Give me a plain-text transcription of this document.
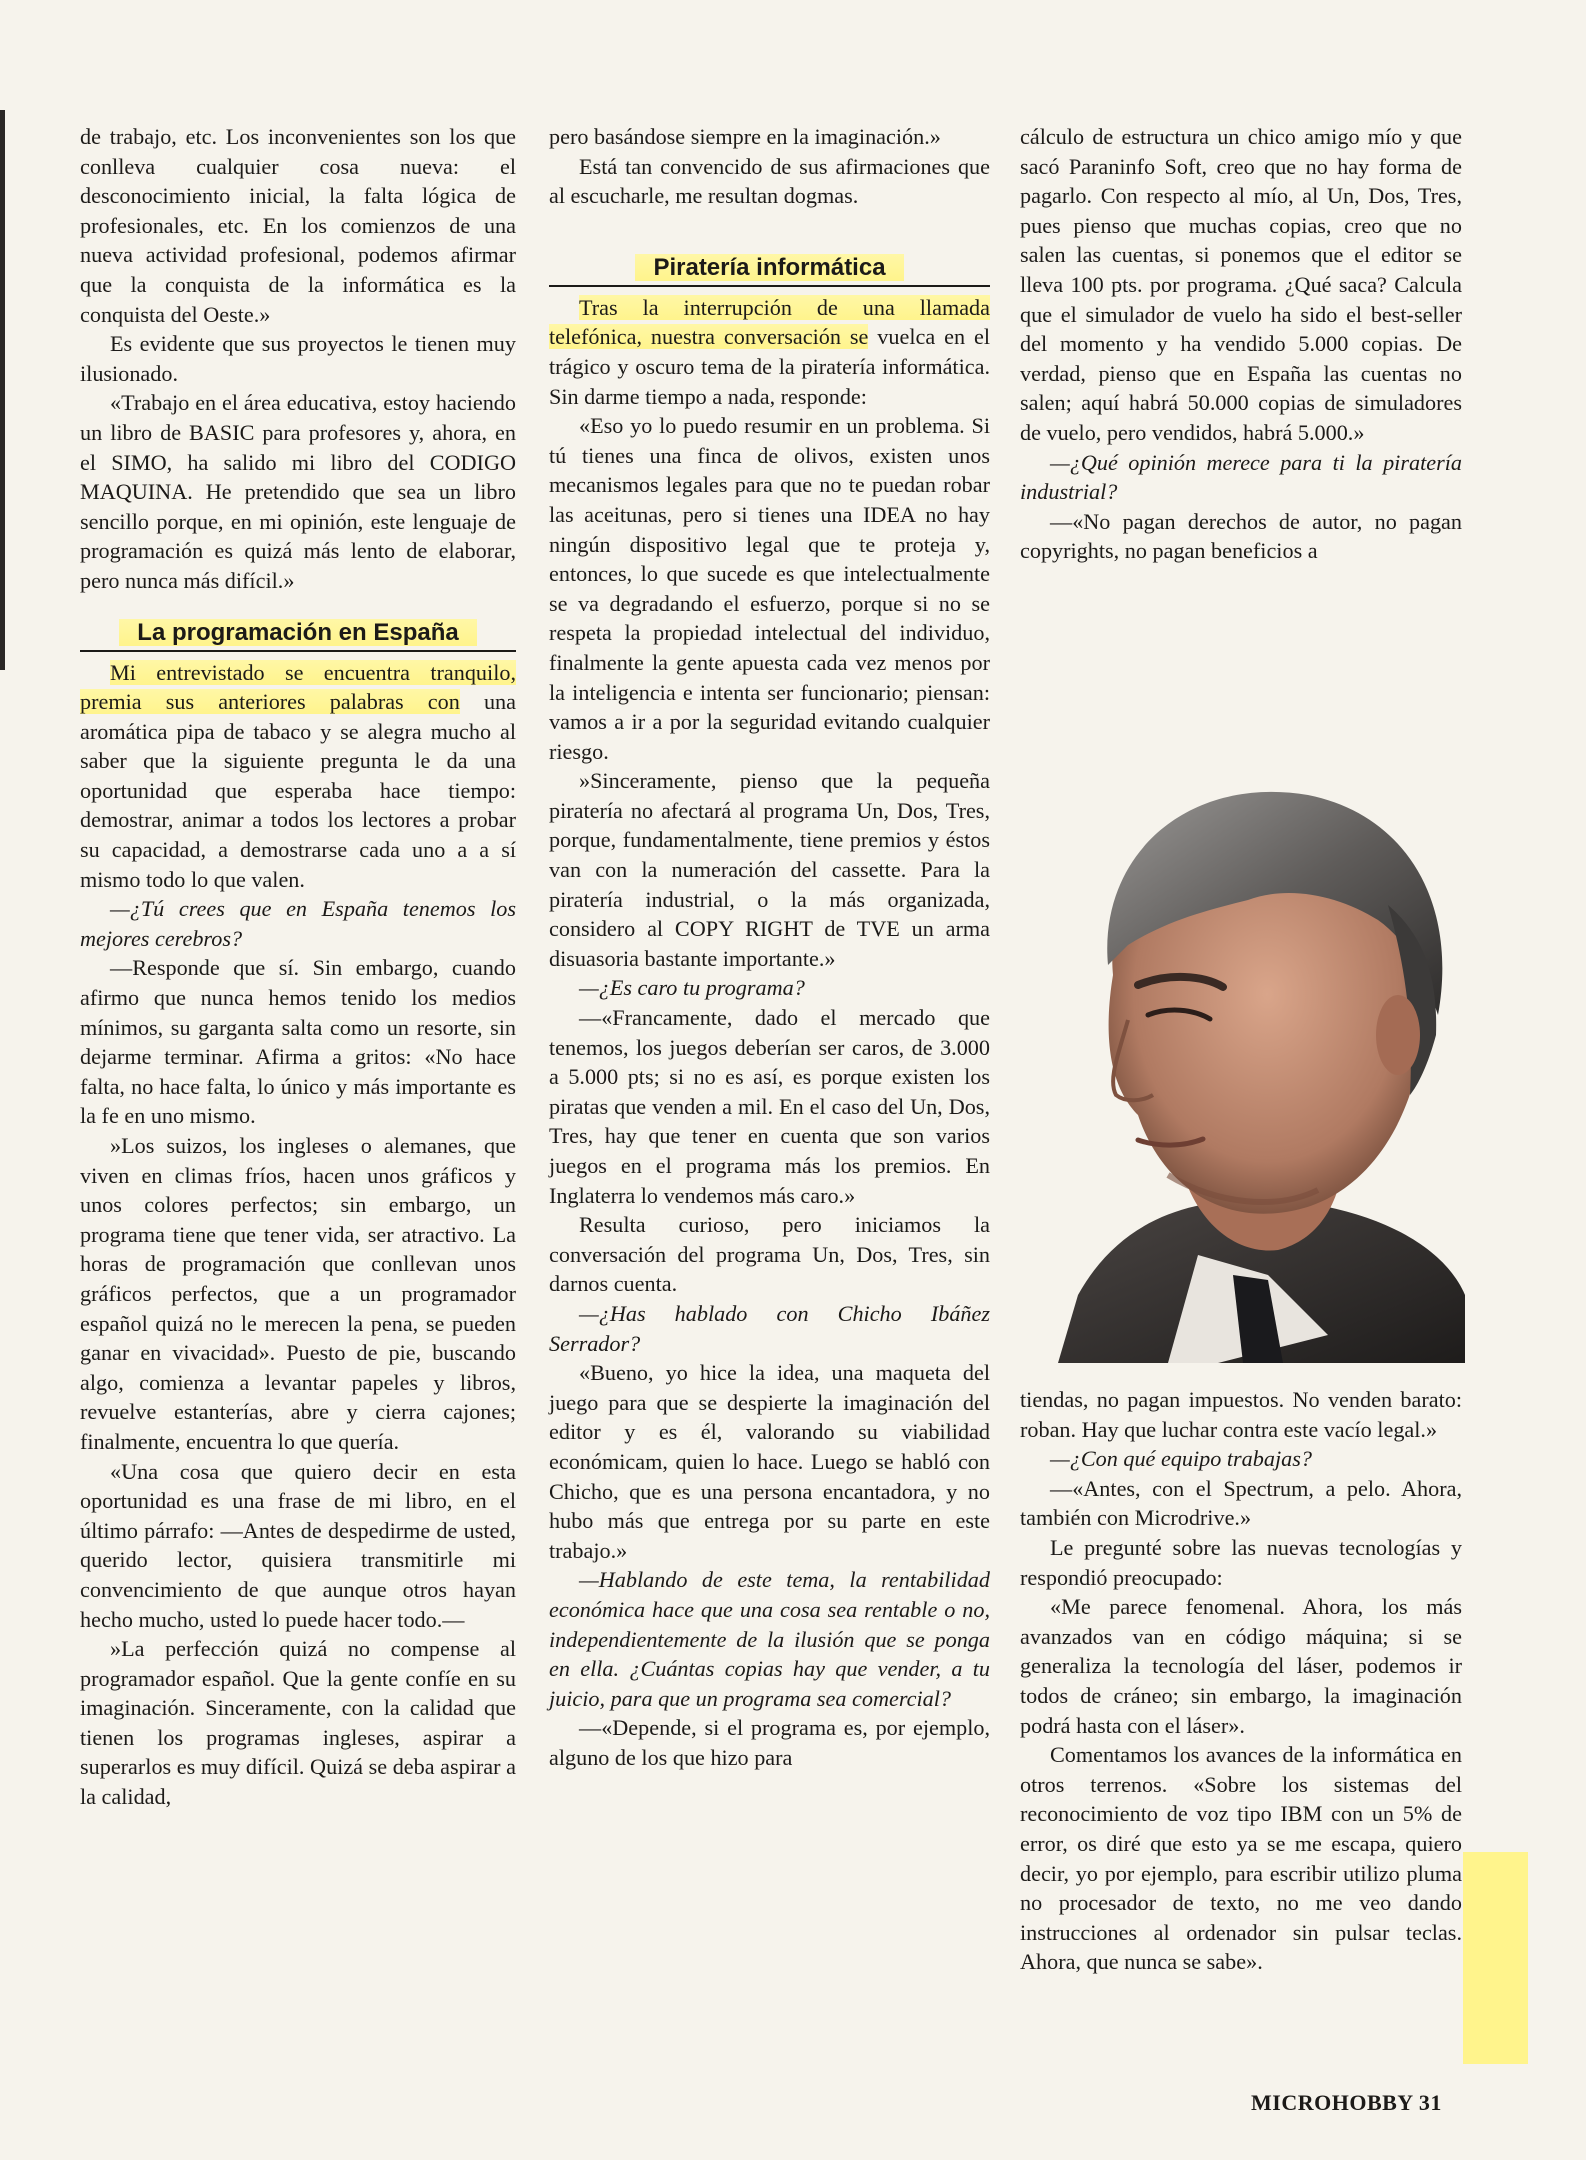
de trabajo, etc. Los inconvenientes son los que conlleva cualquier cosa nueva: el desconocimiento inicial, la falta lógica de profesionales, etc. En los comienzos de una nueva actividad profesional, podemos afirmar que la conquista de la informática es la conquista del Oeste.»

Es evidente que sus proyectos le tienen muy ilusionado.

«Trabajo en el área educativa, estoy haciendo un libro de BASIC para profesores y, ahora, en el SIMO, ha salido mi libro del CODIGO MAQUINA. He pretendido que sea un libro sencillo porque, en mi opinión, este lenguaje de programación es quizá más lento de elaborar, pero nunca más difícil.»

La programación en España

Mi entrevistado se encuentra tranquilo, premia sus anteriores palabras con una aromática pipa de tabaco y se alegra mucho al saber que la siguiente pregunta le da una oportunidad que esperaba hace tiempo: demostrar, animar a todos los lectores a probar su capacidad, a demostrarse cada uno a a sí mismo todo lo que valen.

—¿Tú crees que en España tenemos los mejores cerebros?

—Responde que sí. Sin embargo, cuando afirmo que nunca hemos tenido los medios mínimos, su garganta salta como un resorte, sin dejarme terminar. Afirma a gritos: «No hace falta, no hace falta, lo único y más importante es la fe en uno mismo.

»Los suizos, los ingleses o alemanes, que viven en climas fríos, hacen unos gráficos y unos colores perfectos; sin embargo, un programa tiene que tener vida, ser atractivo. La horas de programación que conllevan unos gráficos perfectos, que a un programador español quizá no le merecen la pena, se pueden ganar en vivacidad». Puesto de pie, buscando algo, comienza a levantar papeles y libros, revuelve estanterías, abre y cierra cajones; finalmente, encuentra lo que quería.

«Una cosa que quiero decir en esta oportunidad es una frase de mi libro, en el último párrafo: —Antes de despedirme de usted, querido lector, quisiera transmitirle mi convencimiento de que aunque otros hayan hecho mucho, usted lo puede hacer todo.—

»La perfección quizá no compense al programador español. Que la gente confíe en su imaginación. Sinceramente, con la calidad que tienen los programas ingleses, aspirar a superarlos es muy difícil. Quizá se deba aspirar a la calidad,

pero basándose siempre en la imaginación.»

Está tan convencido de sus afirmaciones que al escucharle, me resultan dogmas.

Piratería informática

Tras la interrupción de una llamada telefónica, nuestra conversación se vuelca en el trágico y oscuro tema de la piratería informática. Sin darme tiempo a nada, responde:

«Eso yo lo puedo resumir en un problema. Si tú tienes una finca de olivos, existen unos mecanismos legales para que no te puedan robar las aceitunas, pero si tienes una IDEA no hay ningún dispositivo legal que te proteja y, entonces, lo que sucede es que intelectualmente se va degradando el esfuerzo, porque si no se respeta la propiedad intelectual del individuo, finalmente la gente apuesta cada vez menos por la inteligencia e intenta ser funcionario; piensan: vamos a ir a por la seguridad evitando cualquier riesgo.

»Sinceramente, pienso que la pequeña piratería no afectará al programa Un, Dos, Tres, porque, fundamentalmente, tiene premios y éstos van con la numeración del cassette. Para la piratería industrial, o la más organizada, considero al COPY RIGHT de TVE un arma disuasoria bastante importante.»

—¿Es caro tu programa?

—«Francamente, dado el mercado que tenemos, los juegos deberían ser caros, de 3.000 a 5.000 pts; si no es así, es porque existen los piratas que venden a mil. En el caso del Un, Dos, Tres, hay que tener en cuenta que son varios juegos en el programa más los premios. En Inglaterra lo vendemos más caro.»

Resulta curioso, pero iniciamos la conversación del programa Un, Dos, Tres, sin darnos cuenta.

—¿Has hablado con Chicho Ibáñez Serrador?

«Bueno, yo hice la idea, una maqueta del juego para que se despierte la imaginación del editor y es él, valorando su viabilidad económicam, quien lo hace. Luego se habló con Chicho, que es una persona encantadora, y no hubo más que entrega por su parte en este trabajo.»

—Hablando de este tema, la rentabilidad económica hace que una cosa sea rentable o no, independientemente de la ilusión que se ponga en ella. ¿Cuántas copias hay que vender, a tu juicio, para que un programa sea comercial?

—«Depende, si el programa es, por ejemplo, alguno de los que hizo para

cálculo de estructura un chico amigo mío y que sacó Paraninfo Soft, creo que no hay forma de pagarlo. Con respecto al mío, al Un, Dos, Tres, pues pienso que muchas copias, creo que no salen las cuentas, si ponemos que el editor se lleva 100 pts. por programa. ¿Qué saca? Calcula que el simulador de vuelo ha sido el best-seller del momento y ha vendido 5.000 copias. De verdad, pienso que en España las cuentas no salen; aquí habrá 50.000 copias de simuladores de vuelo, pero vendidos, habrá 5.000.»

—¿Qué opinión merece para ti la piratería industrial?

—«No pagan derechos de autor, no pagan copyrights, no pagan beneficios a

tiendas, no pagan impuestos. No venden barato: roban. Hay que luchar contra este vacío legal.»

—¿Con qué equipo trabajas?

—«Antes, con el Spectrum, a pelo. Ahora, también con Microdrive.»

Le pregunté sobre las nuevas tecnologías y respondió preocupado:

«Me parece fenomenal. Ahora, los más avanzados van en código máquina; si se generaliza la tecnología del láser, podemos ir todos de cráneo; sin embargo, la imaginación podrá hasta con el láser».

Comentamos los avances de la informática en otros terrenos. «Sobre los sistemas del reconocimiento de voz tipo IBM con un 5% de error, os diré que esto ya se me escapa, quiero decir, yo por ejemplo, para escribir utilizo pluma no procesador de texto, no me veo dando instrucciones al ordenador sin pulsar teclas. Ahora, que nunca se sabe».

MICROHOBBY 31
